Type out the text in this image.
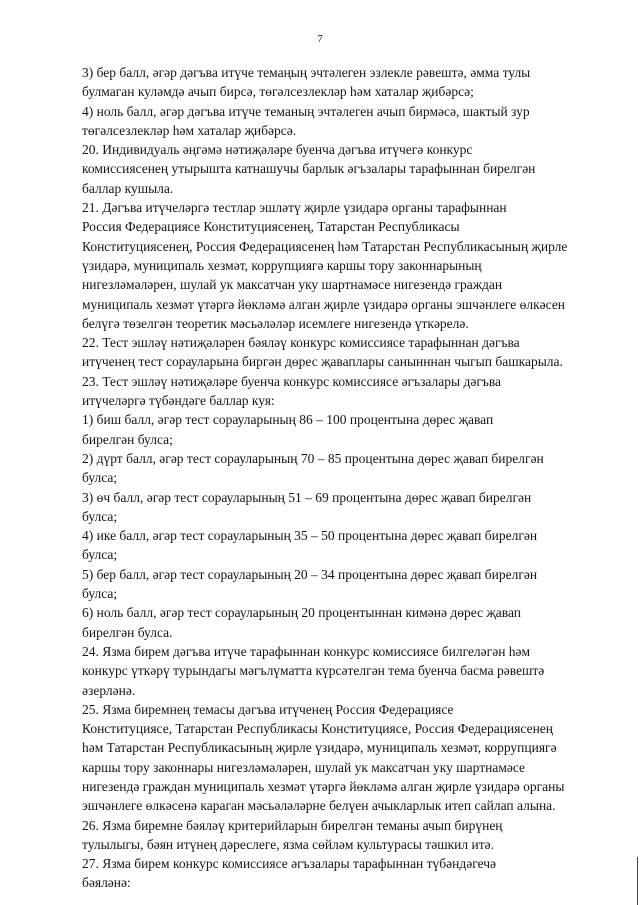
7

3) бер балл, әгәр дәгъва итүче темаңың эчтәлеген эзлекле рәвештә, әмма тулы
булмаган куләмдә ачып бирсә, төгәлсезлекләр һәм хаталар җибәрсә;

4) ноль балл, әгәр дәгъва итүче теманың эчтәлеген ачып бирмәсә, шактый зур
төгәлсезлекләр һәм хаталар җибәрсә.

20. Индивидуаль әңгәмә нәтиҗәләре буенча дәгъва итүчегә конкурс
комиссиясенең утырышта катнашучы барлык әгъзалары тарафыннан бирелгән
баллар кушыла.

21. Дәгъва итүчеләргә тестлар эшләтү җирле үзидарә органы тарафыннан
Россия Федерациясе Конституциясенең, Татарстан Республикасы
Конституциясенең, Россия Федерациясенең һәм Татарстан Республикасының җирле
үзидарә, муниципаль хезмәт, коррупциягә каршы тору законнарының
нигезләмәләрен, шулай ук максатчан уку шартнамәсе нигезендә граждан
муниципаль хезмәт үтәргә йөкләмә алган җирле үзидарә органы эшчәнлеге өлкәсен
белүгә төзелгән теоретик мәсьәләләр исемлеге нигезендә үткәрелә.

22. Тест эшләү нәтиҗәләрен бәяләү конкурс комиссиясе тарафыннан дәгъва
итүченең тест сорауларына биргән дөрес җаваплары санынннан чыгып башкарыла.

23. Тест эшләү нәтиҗәләре буенча конкурс комиссиясе әгъзалары дәгъва
итүчеләргә түбәндәге баллар куя:

1) биш балл, әгәр тест сорауларының 86 – 100 процентына дөрес җавап
бирелгән булса;

2) дүрт балл, әгәр тест сорауларының 70 – 85 процентына дөрес җавап бирелгән
булса;

3) өч балл, әгәр тест сорауларының 51 – 69 процентына дөрес җавап бирелгән
булса;

4) ике балл, әгәр тест сорауларының 35 – 50 процентына дөрес җавап бирелгән
булса;

5) бер балл, әгәр тест сорауларының 20 – 34 процентына дөрес җавап бирелгән
булса;

6) ноль балл, әгәр тест сорауларының 20 процентыннан кимәнә дөрес җавап
бирелгән булса.

24. Язма бирем дәгъва итүче тарафыннан конкурс комиссиясе билгеләгән һәм
конкурс үткәрү турындагы мәгълүматта күрсәтелгән тема буенча басма рәвештә
әзерләнә.

25. Язма биремнең темасы дәгъва итүченең Россия Федерациясе
Конституциясе, Татарстан Республикасы Конституциясе, Россия Федерациясенең
һәм Татарстан Республикасының җирле үзидарә, муниципаль хезмәт, коррупциягә
каршы тору законнары нигезләмәләрен, шулай ук максатчан уку шартнамәсе
нигезендә граждан муниципаль хезмәт үтәргә йөкләмә алган җирле үзидарә органы
эшчәнлеге өлкәсенә караган мәсьәләләрне белүен ачыкларлык итеп сайлап алына.

26. Язма биремне бәяләү критерийларын бирелгән теманы ачып бирүнең
тулылыгы, бәян итүнең дәреслеге, язма сөйләм культурасы тәшкил итә.

27. Язма бирем конкурс комиссиясе әгъзалары тарафыннан түбәндәгечә
бәяләнә:
